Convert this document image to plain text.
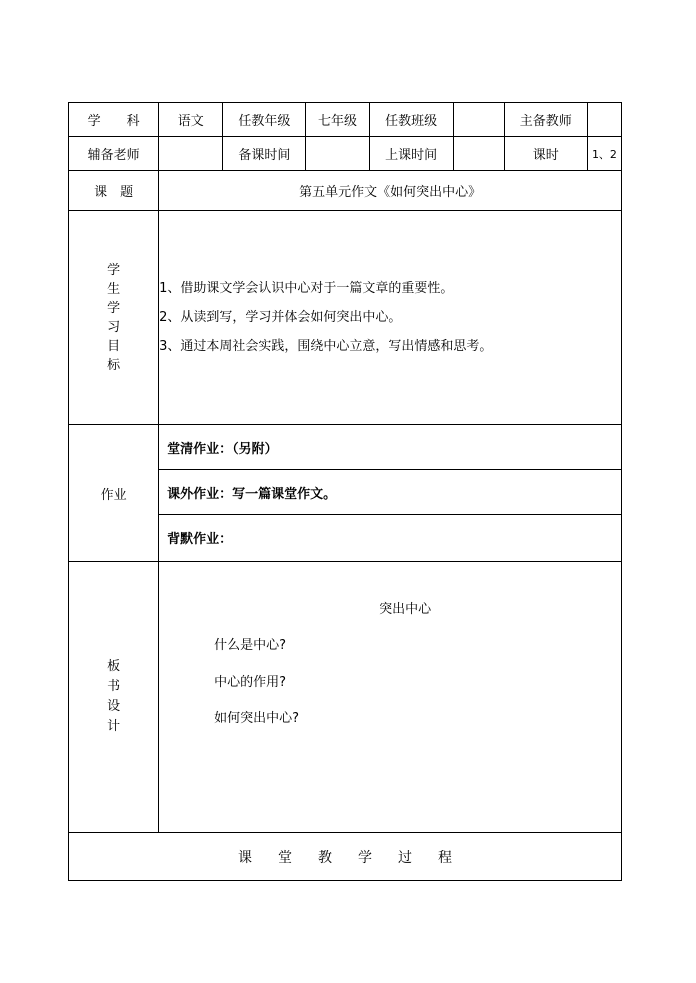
学　　科	语文	任教年级	七年级	任教班级		主备教师	
辅备老师		备课时间		上课时间		课时	1、2
课　题	第五单元作文《如何突出中心》						
学生学习目标	1、借助课文学会认识中心对于一篇文章的重要性。
2、从读到写，学习并体会如何突出中心。
3、通过本周社会实践，围绕中心立意，写出情感和思考。						

作业	堂清作业：（另附）
课外作业：写一篇课堂作文。
背默作业：						

板书设计	突出中心
什么是中心?
中心的作用?
如何突出中心?						

课 堂 教 学 过 程							
